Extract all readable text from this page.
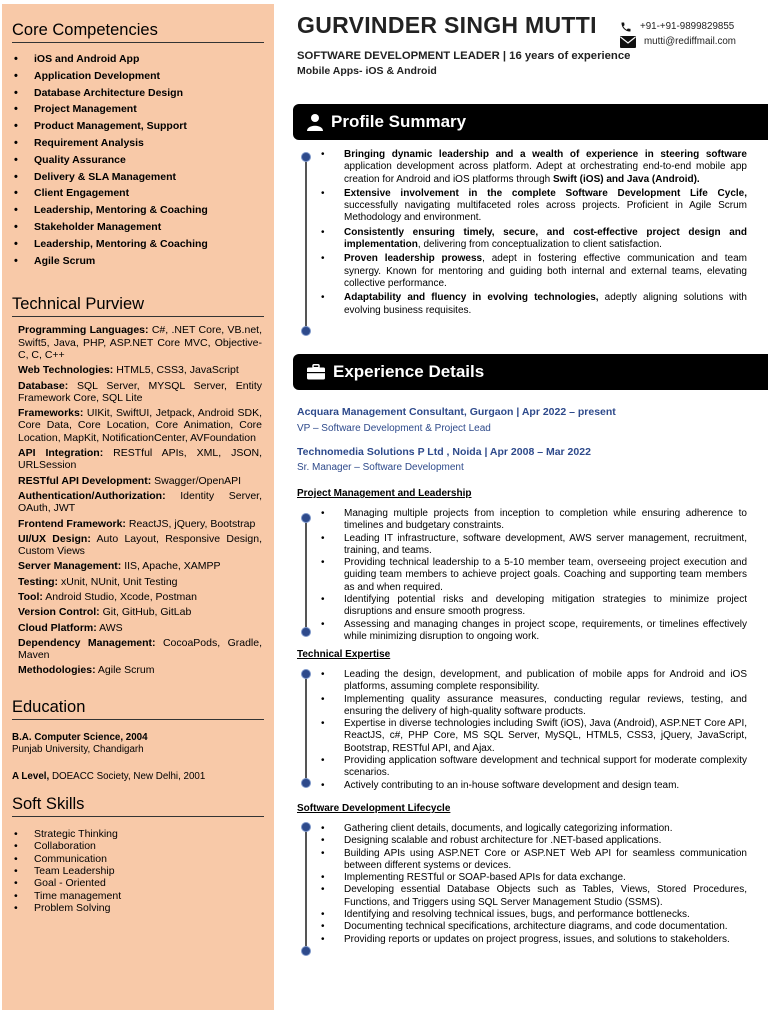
Core Competencies
• iOS and Android App
• Application Development
• Database Architecture Design
• Project Management
• Product Management, Support
• Requirement Analysis
• Quality Assurance
• Delivery & SLA Management
• Client Engagement
• Leadership, Mentoring & Coaching
• Stakeholder Management
• Leadership, Mentoring & Coaching
• Agile Scrum
Technical Purview
Programming Languages: C#, .NET Core, VB.net, Swift5, Java, PHP, ASP.NET Core MVC, Objective-C, C, C++
Web Technologies: HTML5, CSS3, JavaScript
Database: SQL Server, MYSQL Server, Entity Framework Core, SQL Lite
Frameworks: UIKit, SwiftUI, Jetpack, Android SDK, Core Data, Core Location, Core Animation, Core Location, MapKit, NotificationCenter, AVFoundation
API Integration: RESTful APIs, XML, JSON, URLSession
RESTful API Development: Swagger/OpenAPI
Authentication/Authorization: Identity Server, OAuth, JWT
Frontend Framework: ReactJS, jQuery, Bootstrap
UI/UX Design: Auto Layout, Responsive Design, Custom Views
Server Management: IIS, Apache, XAMPP
Testing: xUnit, NUnit, Unit Testing
Tool: Android Studio, Xcode, Postman
Version Control: Git, GitHub, GitLab
Cloud Platform: AWS
Dependency Management: CocoaPods, Gradle, Maven
Methodologies: Agile Scrum
Education
B.A. Computer Science, 2004
Punjab University, Chandigarh
A Level, DOEACC Society, New Delhi, 2001
Soft Skills
• Strategic Thinking
• Collaboration
• Communication
• Team Leadership
• Goal - Oriented
• Time management
• Problem Solving
GURVINDER SINGH MUTTI	+91-+91-9899829855
mutti@rediffmail.com
SOFTWARE DEVELOPMENT LEADER | 16 years of experience
Mobile Apps- iOS & Android
Profile Summary
• Bringing dynamic leadership and a wealth of experience in steering software application development across platform. Adept at orchestrating end-to-end mobile app creation for Android and iOS platforms through Swift (iOS) and Java (Android).
• Extensive involvement in the complete Software Development Life Cycle, successfully navigating multifaceted roles across projects. Proficient in Agile Scrum Methodology and environment.
• Consistently ensuring timely, secure, and cost-effective project design and implementation, delivering from conceptualization to client satisfaction.
• Proven leadership prowess, adept in fostering effective communication and team synergy. Known for mentoring and guiding both internal and external teams, elevating collective performance.
• Adaptability and fluency in evolving technologies, adeptly aligning solutions with evolving business requisites.
Experience Details
Acquara Management Consultant, Gurgaon | Apr 2022 – present
VP – Software Development & Project Lead
Technomedia Solutions P Ltd , Noida | Apr 2008 – Mar 2022
Sr. Manager – Software Development
Project Management and Leadership
• Managing multiple projects from inception to completion while ensuring adherence to timelines and budgetary constraints.
• Leading IT infrastructure, software development, AWS server management, recruitment, training, and teams.
• Providing technical leadership to a 5-10 member team, overseeing project execution and guiding team members to achieve project goals. Coaching and supporting team members as and when required.
• Identifying potential risks and developing mitigation strategies to minimize project disruptions and ensure smooth progress.
• Assessing and managing changes in project scope, requirements, or timelines effectively while minimizing disruption to ongoing work.
Technical Expertise
• Leading the design, development, and publication of mobile apps for Android and iOS platforms, assuming complete responsibility.
• Implementing quality assurance measures, conducting regular reviews, testing, and ensuring the delivery of high-quality software products.
• Expertise in diverse technologies including Swift (iOS), Java (Android), ASP.NET Core API, ReactJS, c#, PHP Core, MS SQL Server, MySQL, HTML5, CSS3, jQuery, JavaScript, Bootstrap, RESTful API, and Ajax.
• Providing application software development and technical support for moderate complexity scenarios.
• Actively contributing to an in-house software development and design team.
Software Development Lifecycle
• Gathering client details, documents, and logically categorizing information.
• Designing scalable and robust architecture for .NET-based applications.
• Building APIs using ASP.NET Core or ASP.NET Web API for seamless communication between different systems or devices.
• Implementing RESTful or SOAP-based APIs for data exchange.
• Developing essential Database Objects such as Tables, Views, Stored Procedures, Functions, and Triggers using SQL Server Management Studio (SSMS).
• Identifying and resolving technical issues, bugs, and performance bottlenecks.
• Documenting technical specifications, architecture diagrams, and code documentation.
• Providing reports or updates on project progress, issues, and solutions to stakeholders.
